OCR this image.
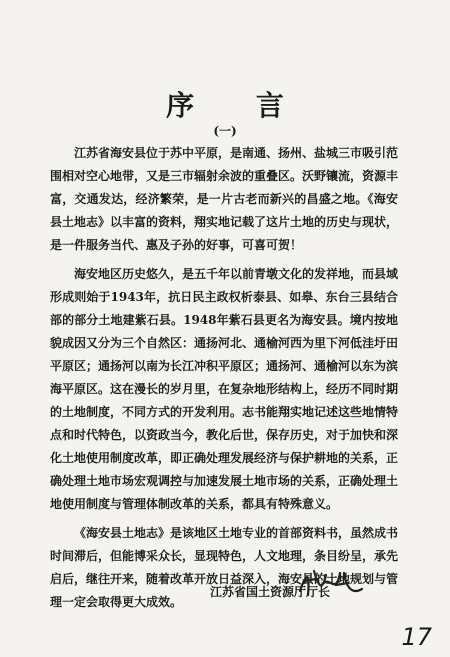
序 言
(一)

江苏省海安县位于苏中平原，是南通、扬州、盐城三市吸引范围相对空心地带，又是三市辐射余波的重叠区。沃野镶流，资源丰富，交通发达，经济繁荣，是一片古老而新兴的昌盛之地。《海安县土地志》以丰富的资料，翔实地记载了这片土地的历史与现状，是一件服务当代、惠及子孙的好事，可喜可贺！

海安地区历史悠久，是五千年以前青墩文化的发祥地，而县域形成则始于1943年，抗日民主政权析泰县、如皋、东台三县结合部的部分土地建紫石县。1948年紫石县更名为海安县。境内按地貌成因又分为三个自然区：通扬河北、通榆河西为里下河低洼圩田平原区；通扬河以南为长江冲积平原区；通扬河、通榆河以东为滨海平原区。这在漫长的岁月里，在复杂地形结构上，经历不同时期的土地制度，不同方式的开发利用。志书能翔实地记述这些地情特点和时代特色，以资政当今，教化后世，保存历史，对于加快和深化土地使用制度改革，即正确处理发展经济与保护耕地的关系，正确处理土地市场宏观调控与加速发展土地市场的关系，正确处理土地使用制度与管理体制改革的关系，都具有特殊意义。

《海安县土地志》是该地区土地专业的首部资料书，虽然成书时间滞后，但能博采众长，显现特色，人文地理，条目纷呈，承先启后，继往开来，随着改革开放日益深入，海安县的土地规划与管理一定会取得更大成效。

江苏省国土资源厅厅长
17
